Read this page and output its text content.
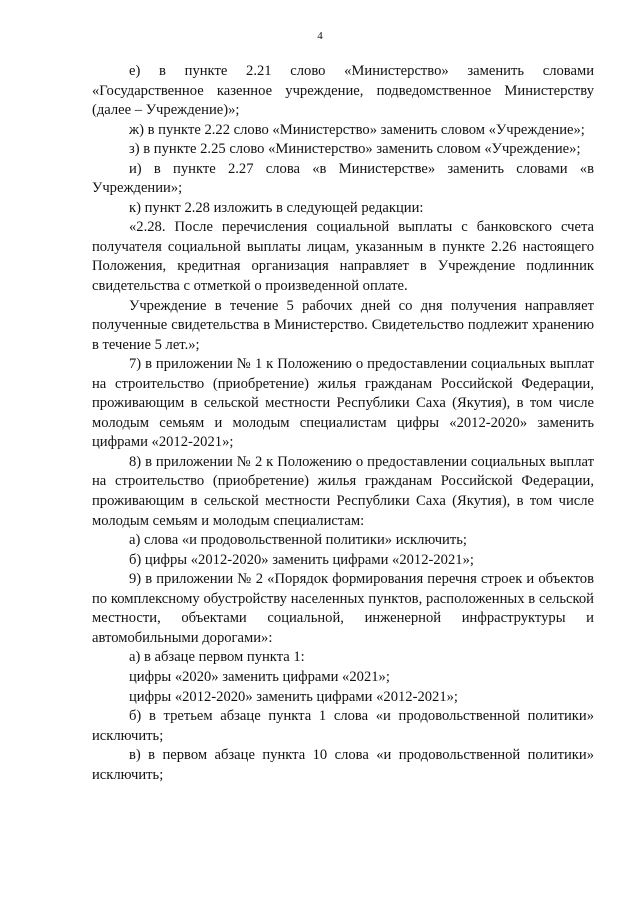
4

е) в пункте 2.21 слово «Министерство» заменить словами «Государственное казенное учреждение, подведомственное Министерству (далее – Учреждение)»;

ж) в пункте 2.22 слово «Министерство» заменить словом «Учреждение»;

з) в пункте 2.25 слово «Министерство» заменить словом «Учреждение»;

и) в пункте 2.27 слова «в Министерстве» заменить словами «в Учреждении»;

к) пункт 2.28 изложить в следующей редакции:

«2.28. После перечисления социальной выплаты с банковского счета получателя социальной выплаты лицам, указанным в пункте 2.26 настоящего Положения, кредитная организация направляет в Учреждение подлинник свидетельства с отметкой о произведенной оплате.

Учреждение в течение 5 рабочих дней со дня получения направляет полученные свидетельства в Министерство. Свидетельство подлежит хранению в течение 5 лет.»;

7) в приложении № 1 к Положению о предоставлении социальных выплат на строительство (приобретение) жилья гражданам Российской Федерации, проживающим в сельской местности Республики Саха (Якутия), в том числе молодым семьям и молодым специалистам цифры «2012-2020» заменить цифрами «2012-2021»;

8) в приложении № 2 к Положению о предоставлении социальных выплат на строительство (приобретение) жилья гражданам Российской Федерации, проживающим в сельской местности Республики Саха (Якутия), в том числе молодым семьям и молодым специалистам:

а) слова «и продовольственной политики» исключить;

б) цифры «2012-2020» заменить цифрами «2012-2021»;

9) в приложении № 2 «Порядок формирования перечня строек и объектов по комплексному обустройству населенных пунктов, расположенных в сельской местности, объектами социальной, инженерной инфраструктуры и автомобильными дорогами»:

а) в абзаце первом пункта 1:

цифры «2020» заменить цифрами «2021»;

цифры «2012-2020» заменить цифрами «2012-2021»;

б) в третьем абзаце пункта 1 слова «и продовольственной политики» исключить;

в) в первом абзаце пункта 10 слова «и продовольственной политики» исключить;
